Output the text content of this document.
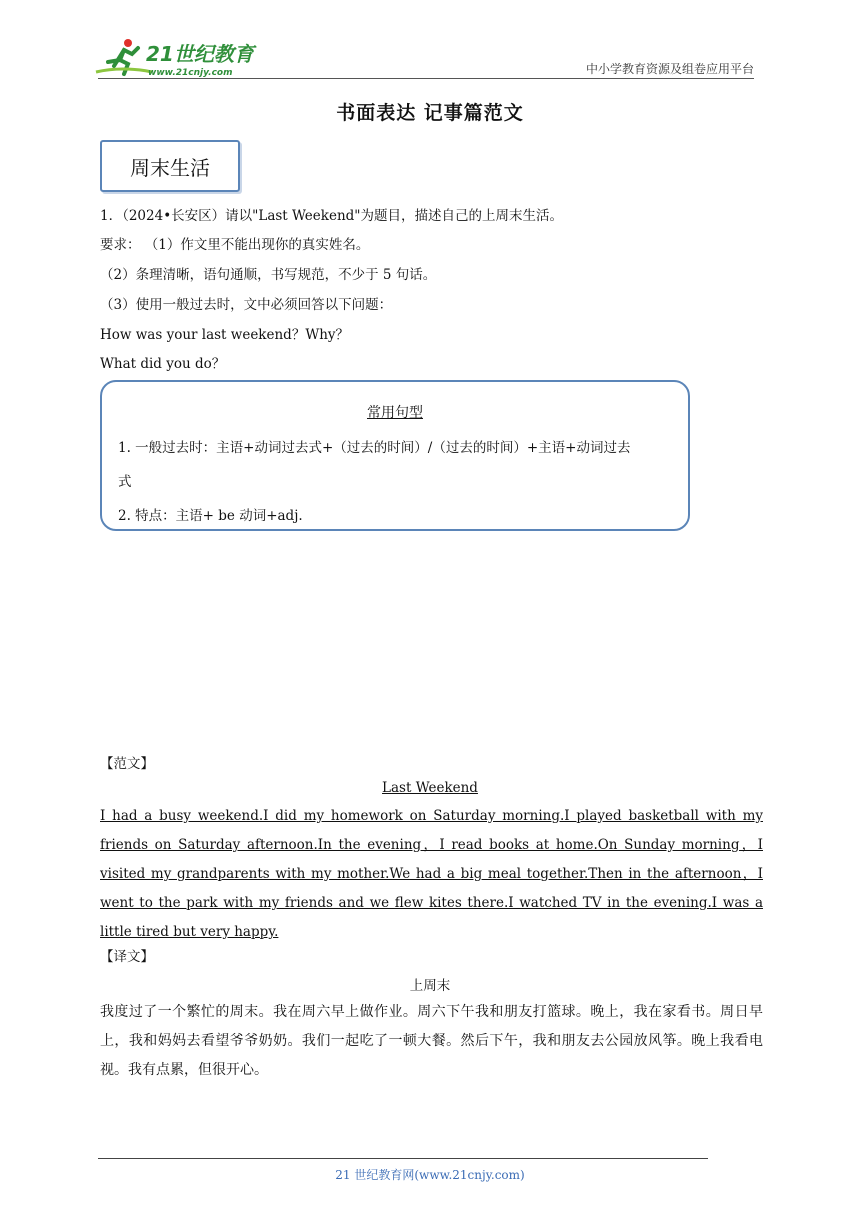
21世纪教育
www.21cnjy.com	中小学教育资源及组卷应用平台
书面表达 记事篇范文
周末生活
1．（2024•长安区）请以"Last Weekend"为题目，描述自己的上周末生活。
要求： （1）作文里不能出现你的真实姓名。
（2）条理清晰，语句通顺，书写规范，不少于 5 句话。
（3）使用一般过去时，文中必须回答以下问题：
How was your last weekend？Why？
What did you do？
常用句型
1. 一般过去时：主语+动词过去式+（过去的时间）/（过去的时间）+主语+动词过去
式
2. 特点：主语+ be 动词+adj.
【范文】
Last Weekend

I had a busy weekend.I did my homework on Saturday morning.I played basketball with my friends on Saturday afternoon.In the evening，I read books at home.On Sunday morning，I visited my grandparents with my mother.We had a big meal together.Then in the afternoon，I went to the park with my friends and we flew kites there.I watched TV in the evening.I was a little tired but very happy.

【译文】
上周末

我度过了一个繁忙的周末。我在周六早上做作业。周六下午我和朋友打篮球。晚上，我在家看书。周日早上，我和妈妈去看望爷爷奶奶。我们一起吃了一顿大餐。然后下午，我和朋友去公园放风筝。晚上我看电视。我有点累，但很开心。

21 世纪教育网(www.21cnjy.com)
